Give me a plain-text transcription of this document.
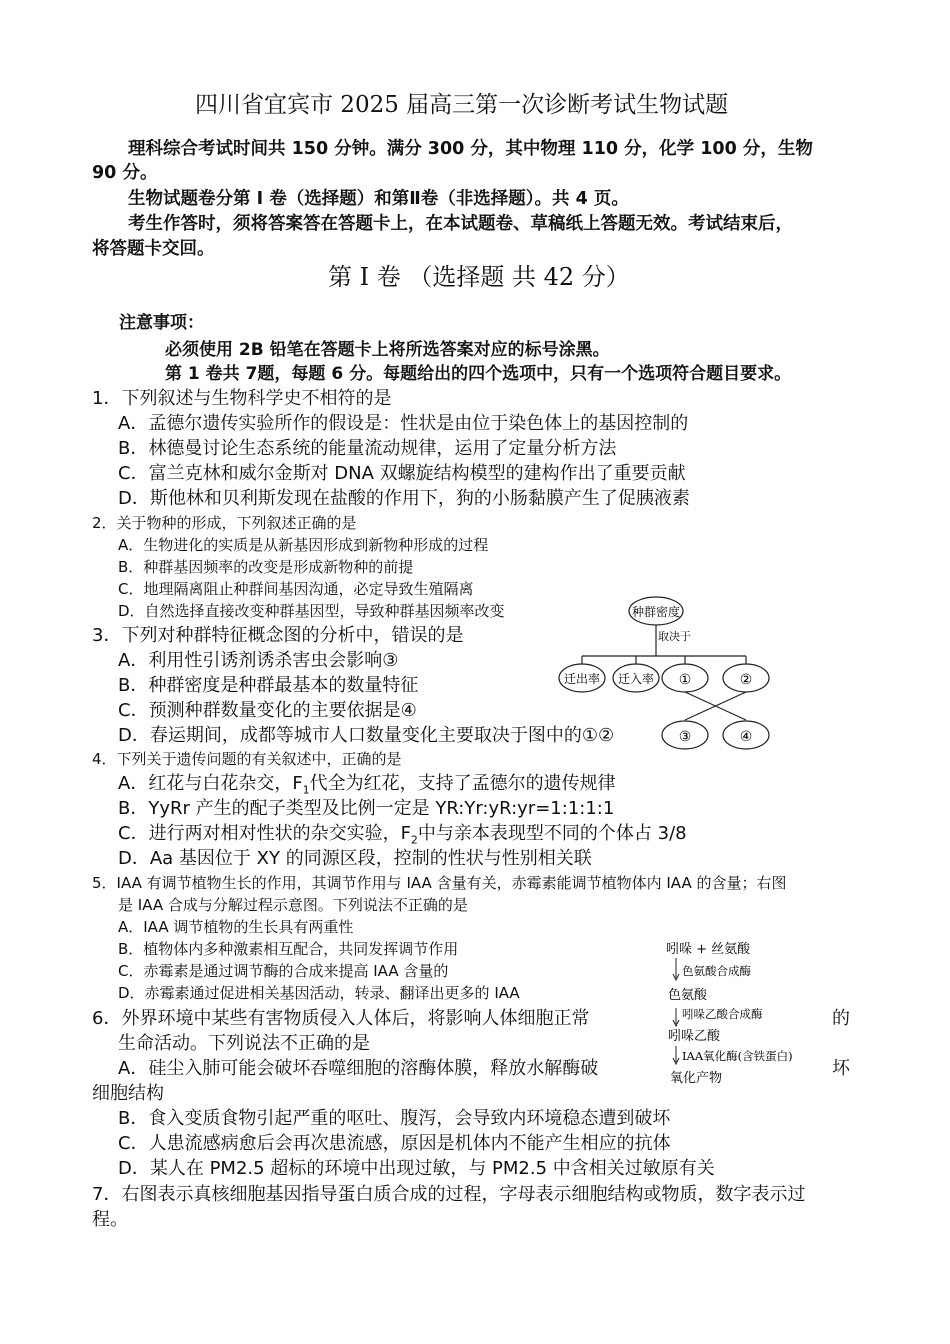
四川省宜宾市 2025 届高三第一次诊断考试生物试题
理科综合考试时间共 150 分钟。满分 300 分，其中物理 110 分，化学 100 分，生物
90 分。
生物试题卷分第 I 卷（选择题）和第Ⅱ卷（非选择题）。共 4 页。
考生作答时，须将答案答在答题卡上，在本试题卷、草稿纸上答题无效。考试结束后，
将答题卡交回。
第 I 卷 （选择题 共 42 分）
注意事项：
必须使用 2B 铅笔在答题卡上将所选答案对应的标号涂黑。
第 1 卷共 7题，每题 6 分。每题给出的四个选项中，只有一个选项符合题目要求。
1．下列叙述与生物科学史不相符的是
A．孟德尔遗传实验所作的假设是：性状是由位于染色体上的基因控制的
B．林德曼讨论生态系统的能量流动规律，运用了定量分析方法
C．富兰克林和威尔金斯对 DNA 双螺旋结构模型的建构作出了重要贡献
D．斯他林和贝利斯发现在盐酸的作用下，狗的小肠黏膜产生了促胰液素
2．关于物种的形成，下列叙述正确的是
A．生物进化的实质是从新基因形成到新物种形成的过程
B．种群基因频率的改变是形成新物种的前提
C．地理隔离阻止种群间基因沟通，必定导致生殖隔离
D．自然选择直接改变种群基因型，导致种群基因频率改变
3．下列对种群特征概念图的分析中，错误的是
A．利用性引诱剂诱杀害虫会影响③
B．种群密度是种群最基本的数量特征
C．预测种群数量变化的主要依据是④
D．春运期间，成都等城市人口数量变化主要取决于图中的①②
种群密度
取决于
迁出率 迁入率 ①	②
③	④
4．下列关于遗传问题的有关叙述中，正确的是
A．红花与白花杂交，$F_1$代全为红花，支持了孟德尔的遗传规律
B．YyRr 产生的配子类型及比例一定是 YR:Yr:yR:yr=1:1:1:1
C．进行两对相对性状的杂交实验，$F_2$中与亲本表现型不同的个体占 3/8
D．Aa 基因位于 XY 的同源区段，控制的性状与性别相关联
5．IAA 有调节植物生长的作用，其调节作用与 IAA 含量有关，赤霉素能调节植物体内 IAA 的含量；右图
是 IAA 合成与分解过程示意图。下列说法不正确的是
A．IAA 调节植物的生长具有两重性
B．植物体内多种激素相互配合，共同发挥调节作用
C．赤霉素是通过调节酶的合成来提高 IAA 含量的
D．赤霉素通过促进相关基因活动，转录、翻译出更多的 IAA
吲哚 + 丝氨酸
色氨酸合成酶
色氨酸
吲哚乙酸合成酶
吲哚乙酸
IAA氧化酶(含铁蛋白)
氧化产物
6．外界环境中某些有害物质侵入人体后，将影响人体细胞正常	的
生命活动。下列说法不正确的是
A．硅尘入肺可能会破坏吞噬细胞的溶酶体膜，释放水解酶破	坏
细胞结构
B．食入变质食物引起严重的呕吐、腹泻，会导致内环境稳态遭到破坏
C．人患流感病愈后会再次患流感，原因是机体内不能产生相应的抗体
D．某人在 PM2.5 超标的环境中出现过敏，与 PM2.5 中含相关过敏原有关
7．右图表示真核细胞基因指导蛋白质合成的过程，字母表示细胞结构或物质，数字表示过
程。
